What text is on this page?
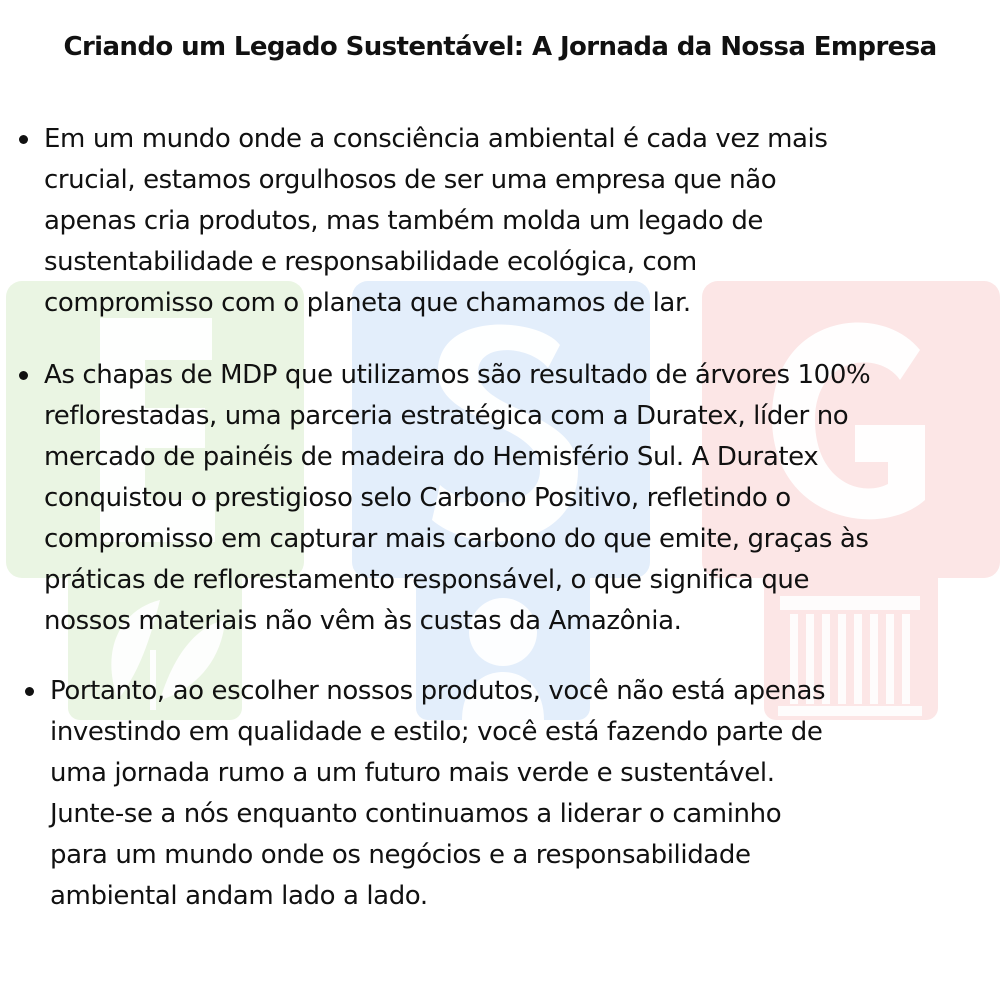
Criando um Legado Sustentável: A Jornada da Nossa Empresa

Em um mundo onde a consciência ambiental é cada vez mais
crucial, estamos orgulhosos de ser uma empresa que não
apenas cria produtos, mas também molda um legado de
sustentabilidade e responsabilidade ecológica, com
compromisso com o planeta que chamamos de lar.

As chapas de MDP que utilizamos são resultado de árvores 100%
reflorestadas, uma parceria estratégica com a Duratex, líder no
mercado de painéis de madeira do Hemisfério Sul. A Duratex
conquistou o prestigioso selo Carbono Positivo, refletindo o
compromisso em capturar mais carbono do que emite, graças às
práticas de reflorestamento responsável, o que significa que
nossos materiais não vêm às custas da Amazônia.

Portanto, ao escolher nossos produtos, você não está apenas
investindo em qualidade e estilo; você está fazendo parte de
uma jornada rumo a um futuro mais verde e sustentável.
Junte-se a nós enquanto continuamos a liderar o caminho
para um mundo onde os negócios e a responsabilidade
ambiental andam lado a lado.
